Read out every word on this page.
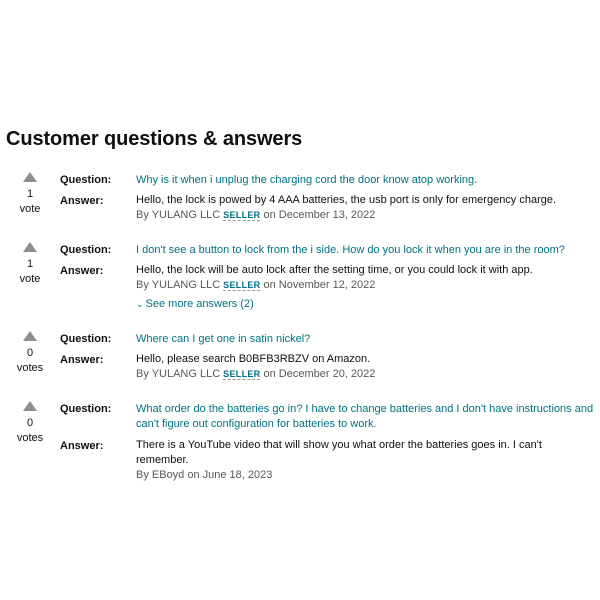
Customer questions & answers
1
vote
Question: Why is it when i unplug the charging cord the door know atop working.
Answer:	Hello, the lock is powed by 4 AAA batteries, the usb port is only for emergency charge.
By YULANG LLC SELLER on December 13, 2022
1
vote
Question: I don't see a button to lock from the i side. How do you lock it when you are in the room?
Answer:	Hello, the lock will be auto lock after the setting time, or you could lock it with app.
By YULANG LLC SELLER on November 12, 2022
⌄ See more answers (2)
0
votes
Question: Where can I get one in satin nickel?
Answer:	Hello, please search B0BFB3RBZV on Amazon.
By YULANG LLC SELLER on December 20, 2022
0
votes
Question: What order do the batteries go in? I have to change batteries and I don't have instructions and can't figure out configuration for batteries to work.
Answer:	There is a YouTube video that will show you what order the batteries goes in. I can't remember.
By EBoyd on June 18, 2023
